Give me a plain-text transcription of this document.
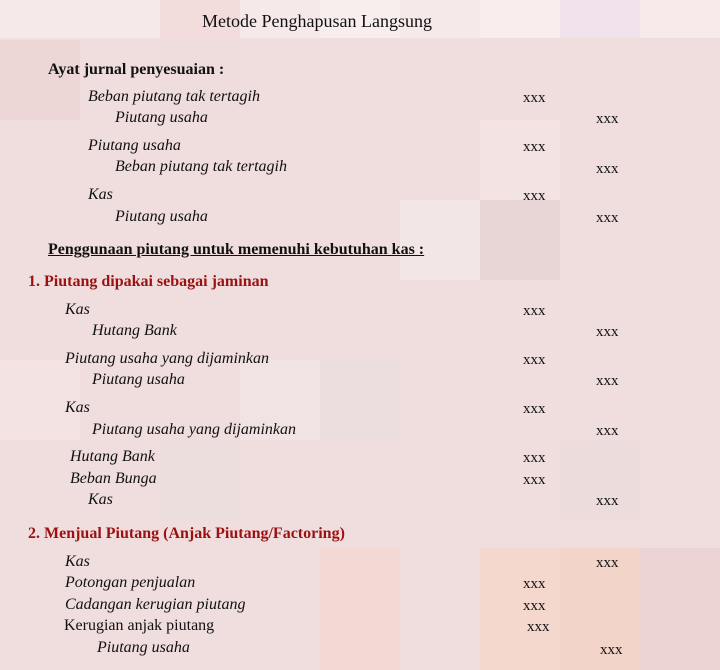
Metode Penghapusan Langsung
Ayat jurnal penyesuaian :
Beban piutang tak tertagih	xxx
Piutang usaha	xxx
Piutang usaha	xxx
Beban piutang tak tertagih	xxx
Kas	xxx
Piutang usaha	xxx
Penggunaan piutang untuk memenuhi kebutuhan kas :
1. Piutang dipakai sebagai jaminan
Kas	xxx
Hutang Bank	xxx
Piutang usaha yang dijaminkan	xxx
Piutang usaha	xxx
Kas	xxx
Piutang usaha yang dijaminkan	xxx
Hutang Bank	xxx
Beban Bunga	xxx
Kas	xxx
2. Menjual Piutang (Anjak Piutang/Factoring)
Kas	xxx
Potongan penjualan	xxx
Cadangan kerugian piutang	xxx
Kerugian anjak piutang	xxx
Piutang usaha	xxx
